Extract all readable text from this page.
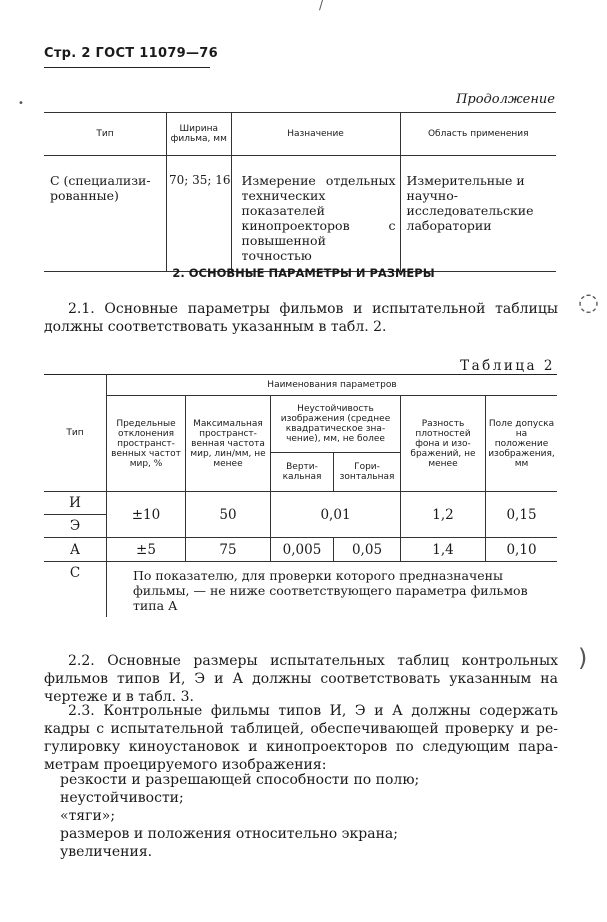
Стр. 2 ГОСТ 11079—76
/
•	Продолжение
Тип	Ширина фильма, мм	Назначение	Область применения

С (специализированные)	70; 35; 16	Измерение отдельных технических показателей кинопроекторов с повышенной точностью	Измерительные и научно-исследовательские лаборатории
2. ОСНОВНЫЕ ПАРАМЕТРЫ И РАЗМЕРЫ
2.1. Основные параметры фильмов и испытательной таблицы должны соответствовать указанным в табл. 2.
◌
Таблица 2
Тип	Наименования параметров					
	Предельные отклонения пространственных частот мир, %	Максимальная пространственная частота мир, лин/мм, не менее	Неустойчивость изображения (среднее квадратическое значение), мм, не более		Разность плотностей фона и изображений, не менее	Поле допуска на положение изображения, мм
			Вертикальная	Горизонтальная		
И	±10	50	0,01		1,2	0,15
Э						
А	±5	75	0,005	0,05	1,4	0,10
С	По показателю, для проверки которого предназначены фильмы, — не ниже соответствующего параметра фильмов типа А					
2.2. Основные размеры испытательных таблиц контрольных фильмов типов И, Э и А должны соответствовать указанным на чертеже и в табл. 3.
)
2.3. Контрольные фильмы типов И, Э и А должны содержать кадры с испытательной таблицей, обеспечивающей проверку и регулировку киноустановок и кинопроекторов по следующим параметрам проецируемого изображения:
резкости и разрешающей способности по полю;
неустойчивости;
«тяги»;
размеров и положения относительно экрана;
увеличения.
